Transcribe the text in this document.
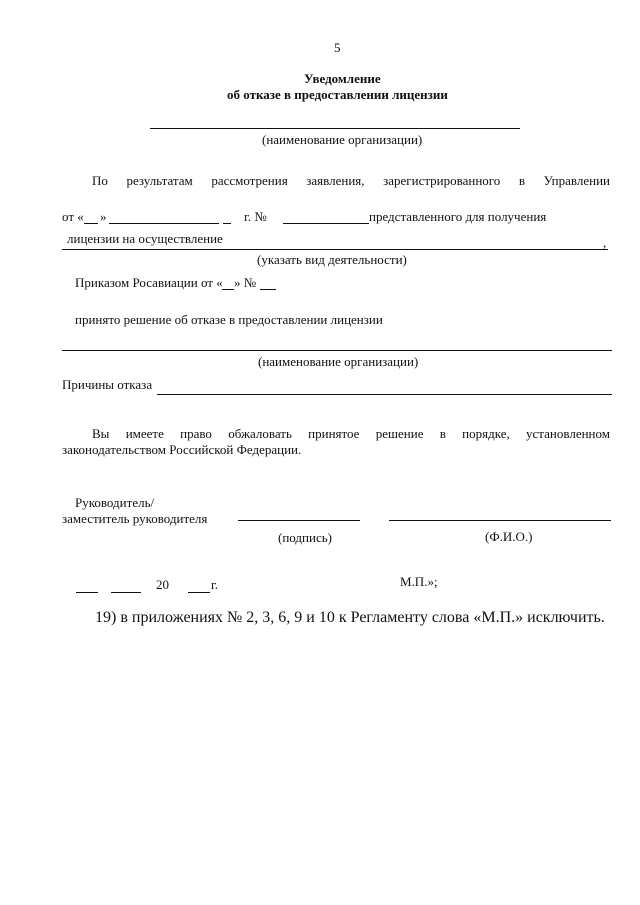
5
Уведомление
об отказе в предоставлении лицензии
(наименование организации)
По результатам рассмотрения заявления, зарегистрированного в Управлении
от « »	г. №	представленного для получения
лицензии на осуществление	,
(указать вид деятельности)
Приказом Росавиации от « » №
принято решение об отказе в предоставлении лицензии
(наименование организации)
Причины отказа
Вы имеете право обжаловать принятое решение в порядке, установленном
законодательством Российской Федерации.
Руководитель/
заместитель руководителя
(подпись)	(Ф.И.О.)
20	г.	М.П.»;
19) в приложениях № 2, 3, 6, 9 и 10 к Регламенту слова «М.П.» исключить.
